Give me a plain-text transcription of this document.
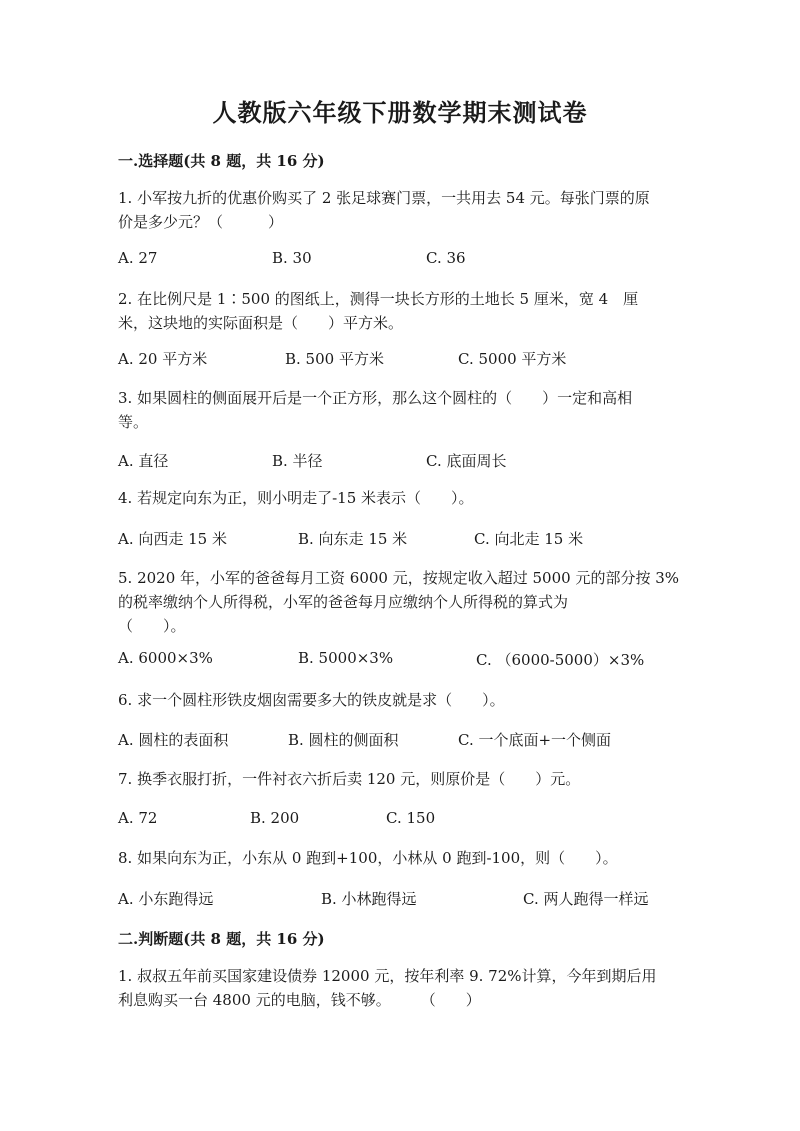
人教版六年级下册数学期末测试卷
一.选择题(共 8 题，共 16 分)
1. 小军按九折的优惠价购买了 2 张足球赛门票，一共用去 54 元。每张门票的原
价是多少元？（　　　）
A. 27	B. 30	C. 36
2. 在比例尺是 1∶500 的图纸上，测得一块长方形的土地长 5 厘米，宽 4　厘
米，这块地的实际面积是（　　）平方米。
A. 20 平方米	B. 500 平方米	C. 5000 平方米
3. 如果圆柱的侧面展开后是一个正方形，那么这个圆柱的（　　）一定和高相
等。
A. 直径	B. 半径	C. 底面周长
4. 若规定向东为正，则小明走了-15 米表示（　　）。
A. 向西走 15 米	B. 向东走 15 米	C. 向北走 15 米
5. 2020 年，小军的爸爸每月工资 6000 元，按规定收入超过 5000 元的部分按 3%
的税率缴纳个人所得税，小军的爸爸每月应缴纳个人所得税的算式为
（　　）。
A. 6000×3%	B. 5000×3%	C. （6000-5000）×3%
6. 求一个圆柱形铁皮烟囱需要多大的铁皮就是求（　　）。
A. 圆柱的表面积	B. 圆柱的侧面积	C. 一个底面+一个侧面
7. 换季衣服打折，一件衬衣六折后卖 120 元，则原价是（　　）元。
A. 72	B. 200	C. 150
8. 如果向东为正，小东从 0 跑到+100，小林从 0 跑到-100，则（　　）。
A. 小东跑得远	B. 小林跑得远	C. 两人跑得一样远
二.判断题(共 8 题，共 16 分)
1. 叔叔五年前买国家建设债券 12000 元，按年利率 9. 72%计算，今年到期后用
利息购买一台 4800 元的电脑，钱不够。　　　（　　）
